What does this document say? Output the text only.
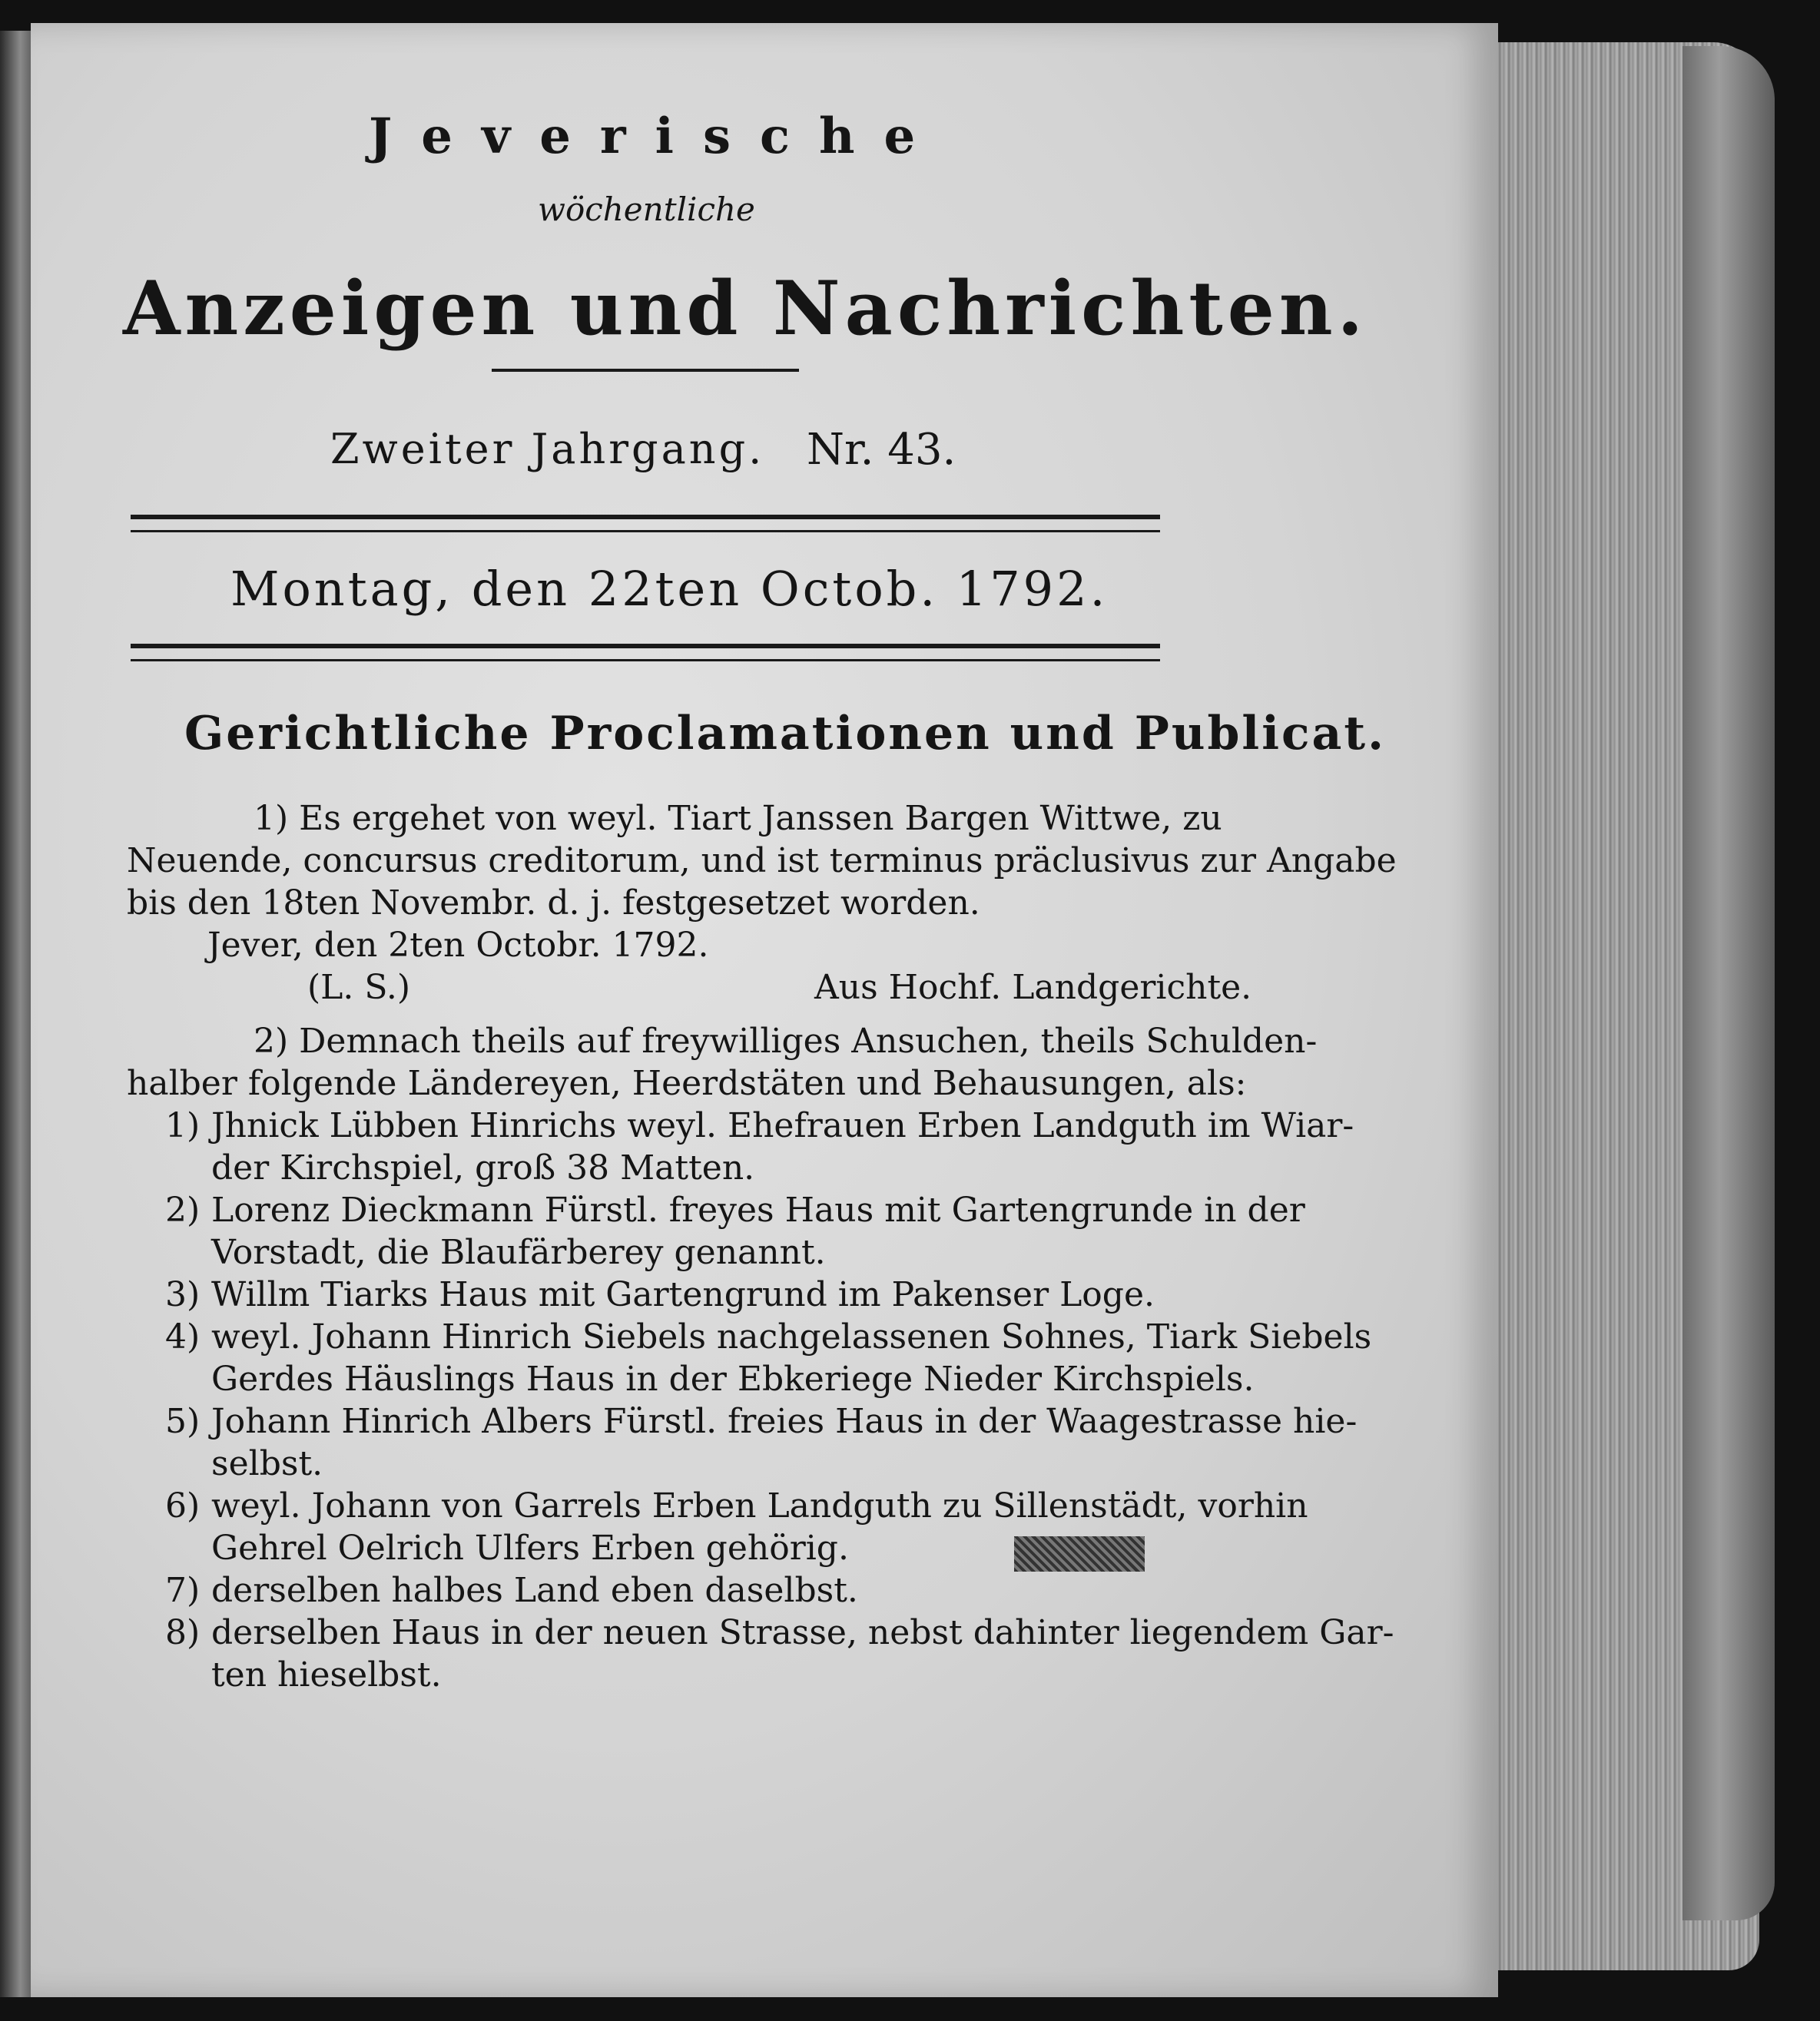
Jeverische
wöchentliche
Anzeigen und Nachrichten.
Zweiter Jahrgang. Nr. 43.
Montag, den 22ten Octob. 1792.
Gerichtliche Proclamationen und Publicat.
1) Es ergehet von weyl. Tiart Janssen Bargen Wittwe, zu
Neuende, concursus creditorum, und ist terminus präclusivus zur Angabe
bis den 18ten Novembr. d. j. festgesetzet worden.
Jever, den 2ten Octobr. 1792.
(L. S.)	Aus Hochf. Landgerichte.
2) Demnach theils auf freywilliges Ansuchen, theils Schulden-
halber folgende Ländereyen, Heerdstäten und Behausungen, als:
1) Jhnick Lübben Hinrichs weyl. Ehefrauen Erben Landguth im Wiar-
der Kirchspiel, groß 38 Matten.
2) Lorenz Dieckmann Fürstl. freyes Haus mit Gartengrunde in der
Vorstadt, die Blaufärberey genannt.
3) Willm Tiarks Haus mit Gartengrund im Pakenser Loge.
4) weyl. Johann Hinrich Siebels nachgelassenen Sohnes, Tiark Siebels
Gerdes Häuslings Haus in der Ebkeriege Nieder Kirchspiels.
5) Johann Hinrich Albers Fürstl. freies Haus in der Waagestrasse hie-
selbst.
6) weyl. Johann von Garrels Erben Landguth zu Sillenstädt, vorhin
Gehrel Oelrich Ulfers Erben gehörig.
7) derselben halbes Land eben daselbst.
8) derselben Haus in der neuen Strasse, nebst dahinter liegendem Gar-
ten hieselbst.
